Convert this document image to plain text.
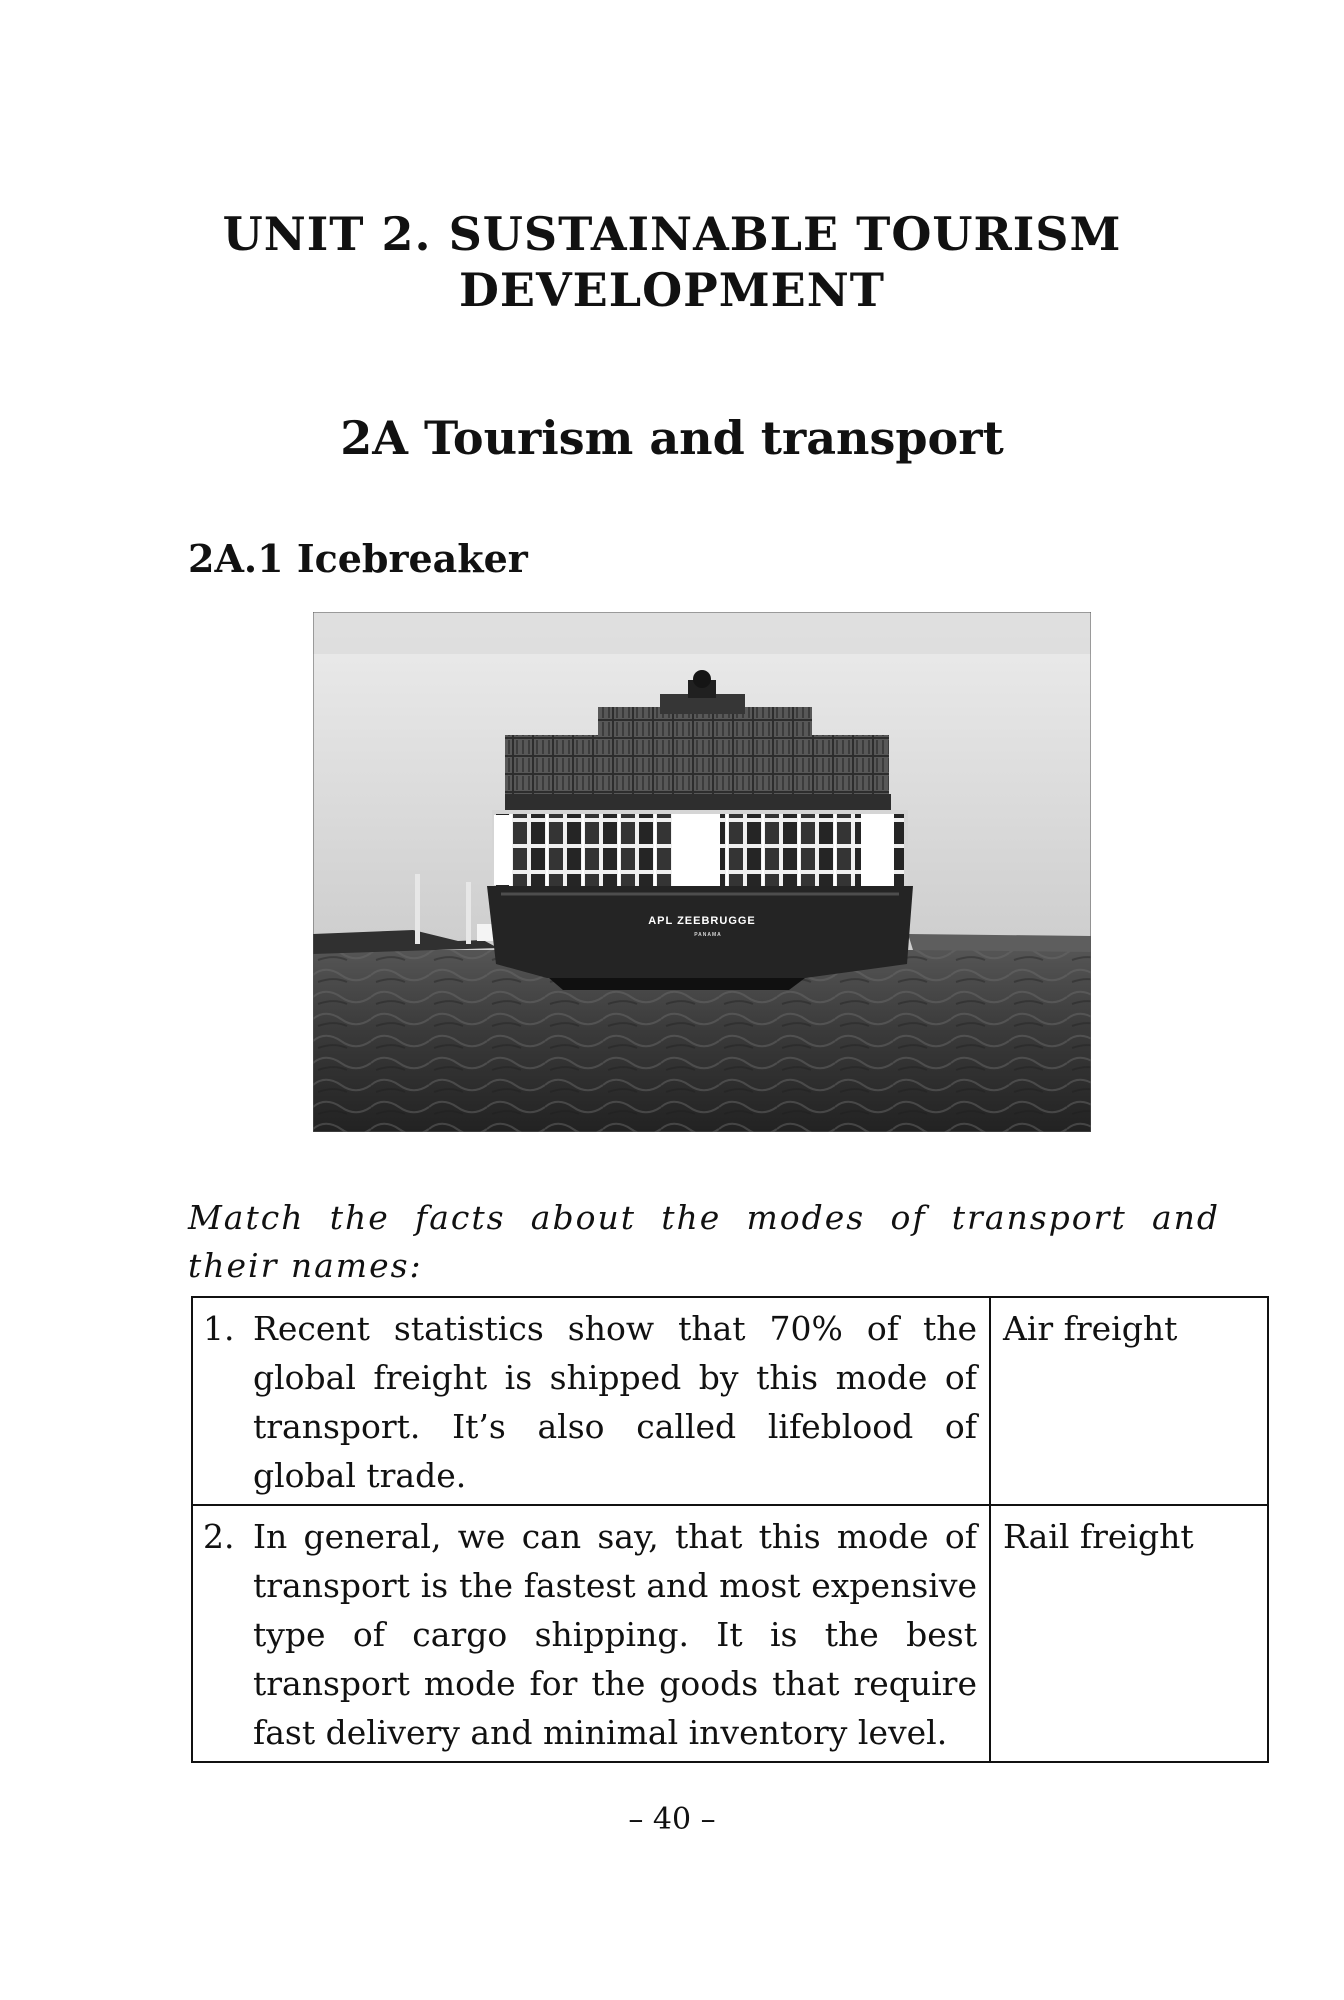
UNIT 2. SUSTAINABLE TOURISM
DEVELOPMENT
2A Tourism and transport
2A.1 Icebreaker
APL ZEEBRUGGE
PANAMA
Match the facts about the modes of transport and their names:
1. Recent statistics show that 70% of the global freight is shipped by this mode of transport. It’s also called lifeblood of global trade.	Air freight

2. In general, we can say, that this mode of transport is the fastest and most expensive type of cargo shipping. It is the best transport mode for the goods that require fast delivery and minimal inventory level.	Rail freight
– 40 –
